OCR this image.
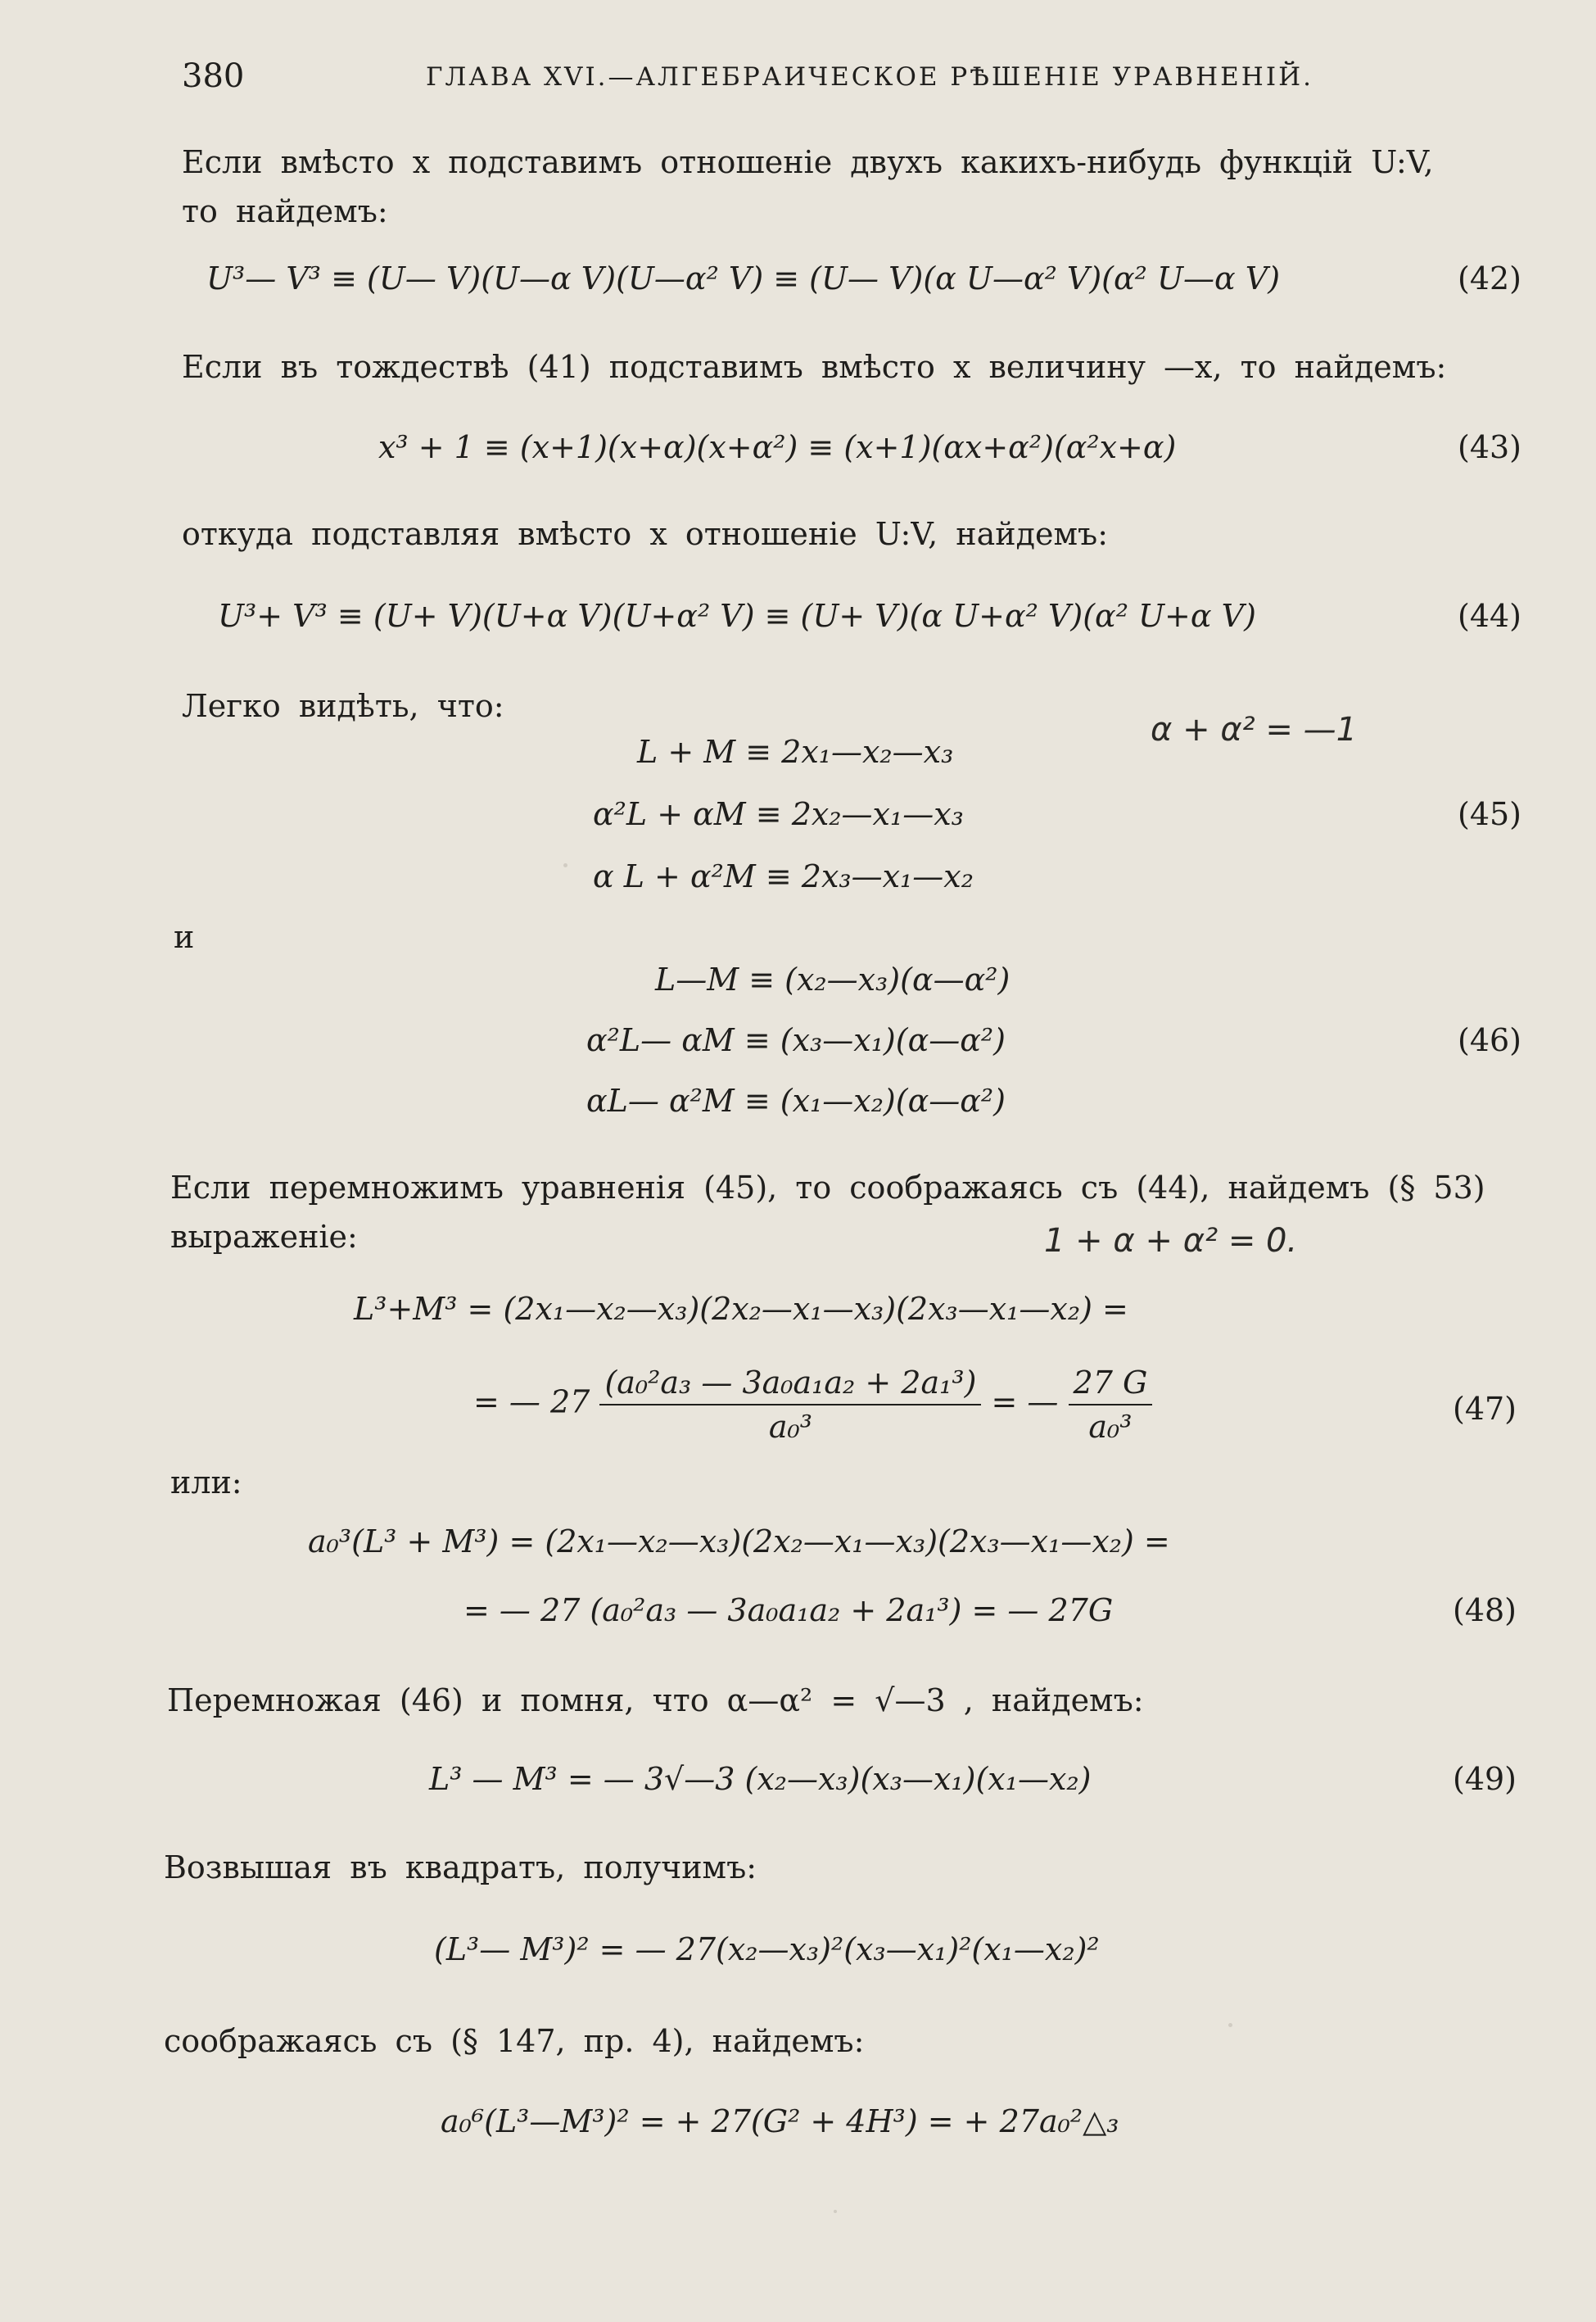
380	ГЛАВА XVI.—АЛГЕБРАИЧЕСКОЕ РѢШЕНІЕ УРАВНЕНІЙ.
Если вмѣсто x подставимъ отношеніе двухъ какихъ-нибудь функцій U:V,
то найдемъ:
U³— V³ ≡ (U— V)(U—α V)(U—α² V) ≡ (U— V)(α U—α² V)(α² U—α V)	(42)
Если въ тождествѣ (41) подставимъ вмѣсто x величину —x, то найдемъ:
x³ + 1 ≡ (x+1)(x+α)(x+α²) ≡ (x+1)(αx+α²)(α²x+α)	(43)
откуда подставляя вмѣсто x отношеніе U:V, найдемъ:
U³+ V³ ≡ (U+ V)(U+α V)(U+α² V) ≡ (U+ V)(α U+α² V)(α² U+α V)	(44)
Легко видѣть, что:
L + M ≡ 2x₁—x₂—x₃
α²L + αM ≡ 2x₂—x₁—x₃
α L + α²M ≡ 2x₃—x₁—x₂
(45)
α + α² = —1
и
L—M ≡ (x₂—x₃)(α—α²)
α²L— αM ≡ (x₃—x₁)(α—α²)
αL— α²M ≡ (x₁—x₂)(α—α²)
(46)
Если перемножимъ уравненія (45), то соображаясь съ (44), найдемъ (§ 53)
выраженіе:	1 + α + α² = 0.
L³+M³ = (2x₁—x₂—x₃)(2x₂—x₁—x₃)(2x₃—x₁—x₂) =
= — $27 \frac{\text{(a₀²a₃ — 3a₀a₁a₂ + 2a₁³)}}{\text{a₀³}}$ = — $\frac{27 G}{\text{a₀³}}$	(47)
или:
a₀³(L³ + M³) = (2x₁—x₂—x₃)(2x₂—x₁—x₃)(2x₃—x₁—x₂) =
= — 27 (a₀²a₃ — 3a₀a₁a₂ + 2a₁³) = — 27G	(48)
Перемножая (46) и помня, что α—α² = √—3 , найдемъ:
L³ — M³ = — 3√—3 (x₂—x₃)(x₃—x₁)(x₁—x₂)	(49)
Возвышая въ квадратъ, получимъ:
(L³— M³)² = — 27(x₂—x₃)²(x₃—x₁)²(x₁—x₂)²
соображаясь съ (§ 147, пр. 4), найдемъ:
a₀⁶(L³—M³)² = + 27(G² + 4H³) = + 27a₀²△₃
